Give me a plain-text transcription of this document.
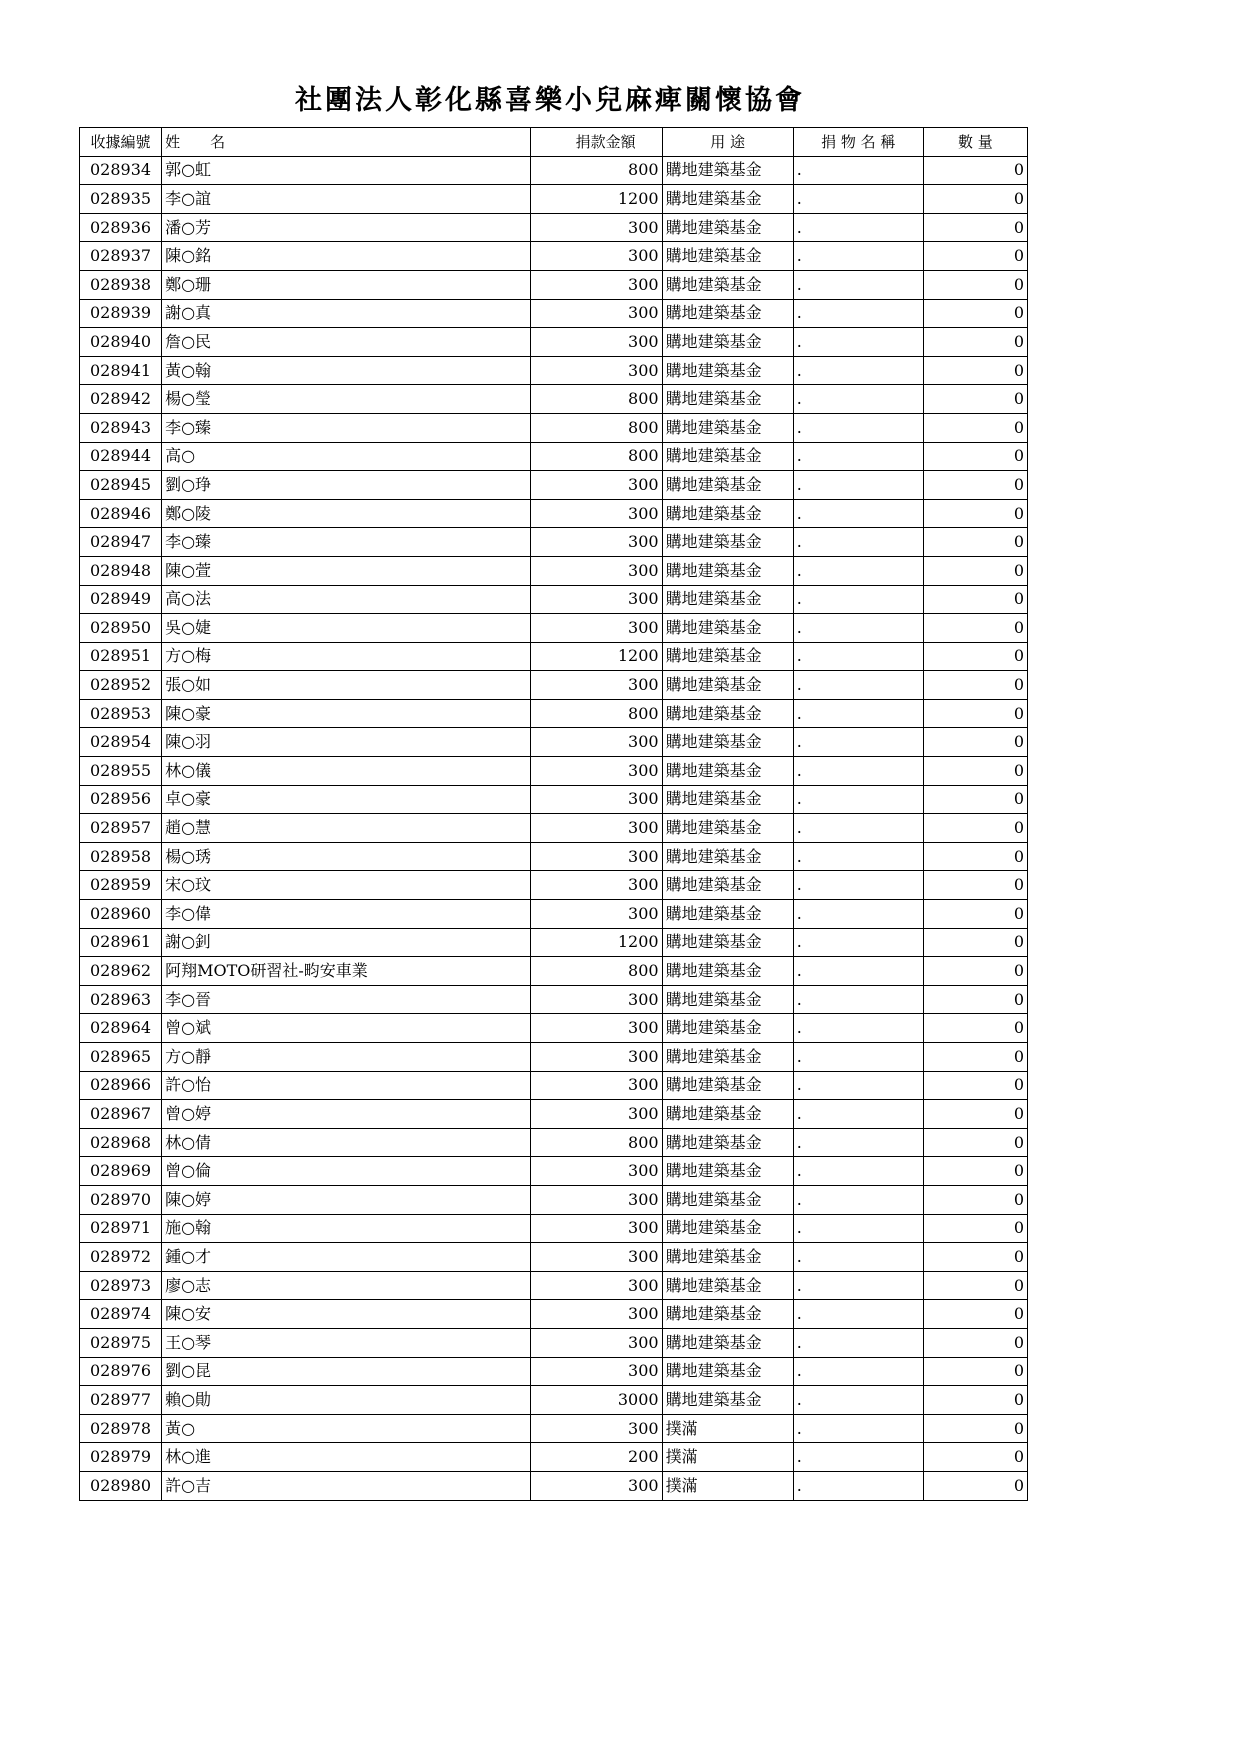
社團法人彰化縣喜樂小兒麻痺關懷協會
收據編號	姓　　名	捐款金額	用 途	捐 物 名 稱	數 量
028934	郭○虹	800	購地建築基金	.	0
028935	李○誼	1200	購地建築基金	.	0
028936	潘○芳	300	購地建築基金	.	0
028937	陳○銘	300	購地建築基金	.	0
028938	鄭○珊	300	購地建築基金	.	0
028939	謝○真	300	購地建築基金	.	0
028940	詹○民	300	購地建築基金	.	0
028941	黃○翰	300	購地建築基金	.	0
028942	楊○瑩	800	購地建築基金	.	0
028943	李○臻	800	購地建築基金	.	0
028944	高○	800	購地建築基金	.	0
028945	劉○琤	300	購地建築基金	.	0
028946	鄭○陵	300	購地建築基金	.	0
028947	李○臻	300	購地建築基金	.	0
028948	陳○萱	300	購地建築基金	.	0
028949	高○法	300	購地建築基金	.	0
028950	吳○婕	300	購地建築基金	.	0
028951	方○梅	1200	購地建築基金	.	0
028952	張○如	300	購地建築基金	.	0
028953	陳○豪	800	購地建築基金	.	0
028954	陳○羽	300	購地建築基金	.	0
028955	林○儀	300	購地建築基金	.	0
028956	卓○豪	300	購地建築基金	.	0
028957	趙○慧	300	購地建築基金	.	0
028958	楊○琇	300	購地建築基金	.	0
028959	宋○玟	300	購地建築基金	.	0
028960	李○偉	300	購地建築基金	.	0
028961	謝○釗	1200	購地建築基金	.	0
028962	阿翔MOTO研習社-畇安車業	800	購地建築基金	.	0
028963	李○晉	300	購地建築基金	.	0
028964	曾○斌	300	購地建築基金	.	0
028965	方○靜	300	購地建築基金	.	0
028966	許○怡	300	購地建築基金	.	0
028967	曾○婷	300	購地建築基金	.	0
028968	林○倩	800	購地建築基金	.	0
028969	曾○倫	300	購地建築基金	.	0
028970	陳○婷	300	購地建築基金	.	0
028971	施○翰	300	購地建築基金	.	0
028972	鍾○才	300	購地建築基金	.	0
028973	廖○志	300	購地建築基金	.	0
028974	陳○安	300	購地建築基金	.	0
028975	王○琴	300	購地建築基金	.	0
028976	劉○昆	300	購地建築基金	.	0
028977	賴○勛	3000	購地建築基金	.	0
028978	黃○	300	撲滿	.	0
028979	林○進	200	撲滿	.	0
028980	許○吉	300	撲滿	.	0
